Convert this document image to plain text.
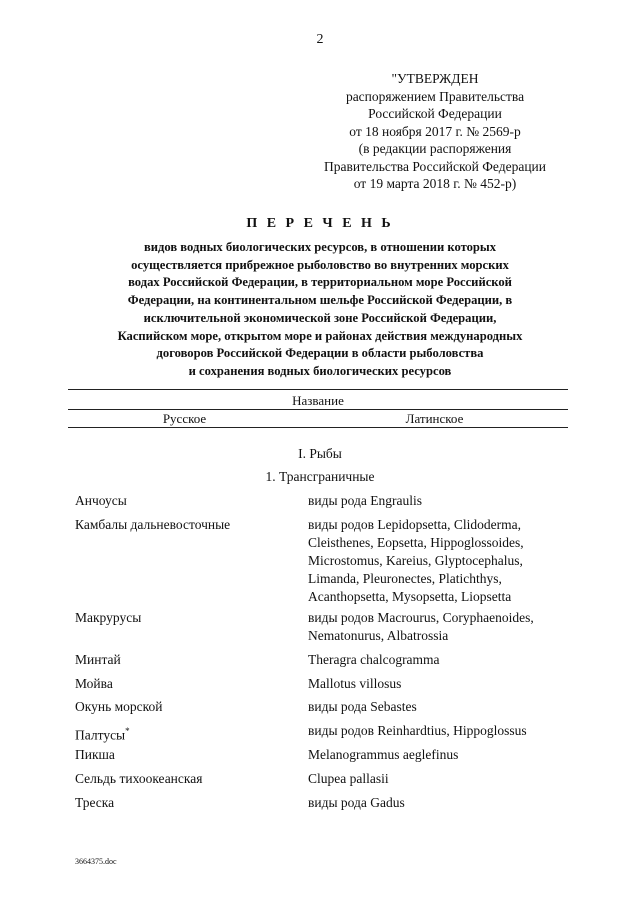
2
"УТВЕРЖДЕН
распоряжением Правительства
Российской Федерации
от 18 ноября 2017 г. № 2569-р
(в редакции распоряжения
Правительства Российской Федерации
от 19 марта 2018 г. № 452-р)
П Е Р Е Ч Е Н Ь
видов водных биологических ресурсов, в отношении которых
осуществляется прибрежное рыболовство во внутренних морских
водах Российской Федерации, в территориальном море Российской
Федерации, на континентальном шельфе Российской Федерации, в
исключительной экономической зоне Российской Федерации,
Каспийском море, открытом море и районах действия международных
договоров Российской Федерации в области рыболовства
и сохранения водных биологических ресурсов
Название
Русское	Латинское
I. Рыбы
1. Трансграничные
Анчоусы	виды рода Engraulis
Камбалы дальневосточные	виды родов Lepidopsetta, Clidoderma,
Cleisthenes, Eopsetta, Hippoglossoides,
Microstomus, Kareius, Glyptocephalus,
Limanda, Pleuronectes, Platichthys,
Acanthopsetta, Mysopsetta, Liopsetta
Макрурусы	виды родов Macrourus, Coryphaenoides,
Nematonurus, Albatrossia
Минтай	Theragra chalcogramma
Мойва	Mallotus villosus
Окунь морской	виды рода Sebastes
Палтусы*	виды родов Reinhardtius, Hippoglossus
Пикша	Melanogrammus aeglefinus
Сельдь тихоокеанская	Clupea pallasii
Треска	виды рода Gadus
3664375.doc
